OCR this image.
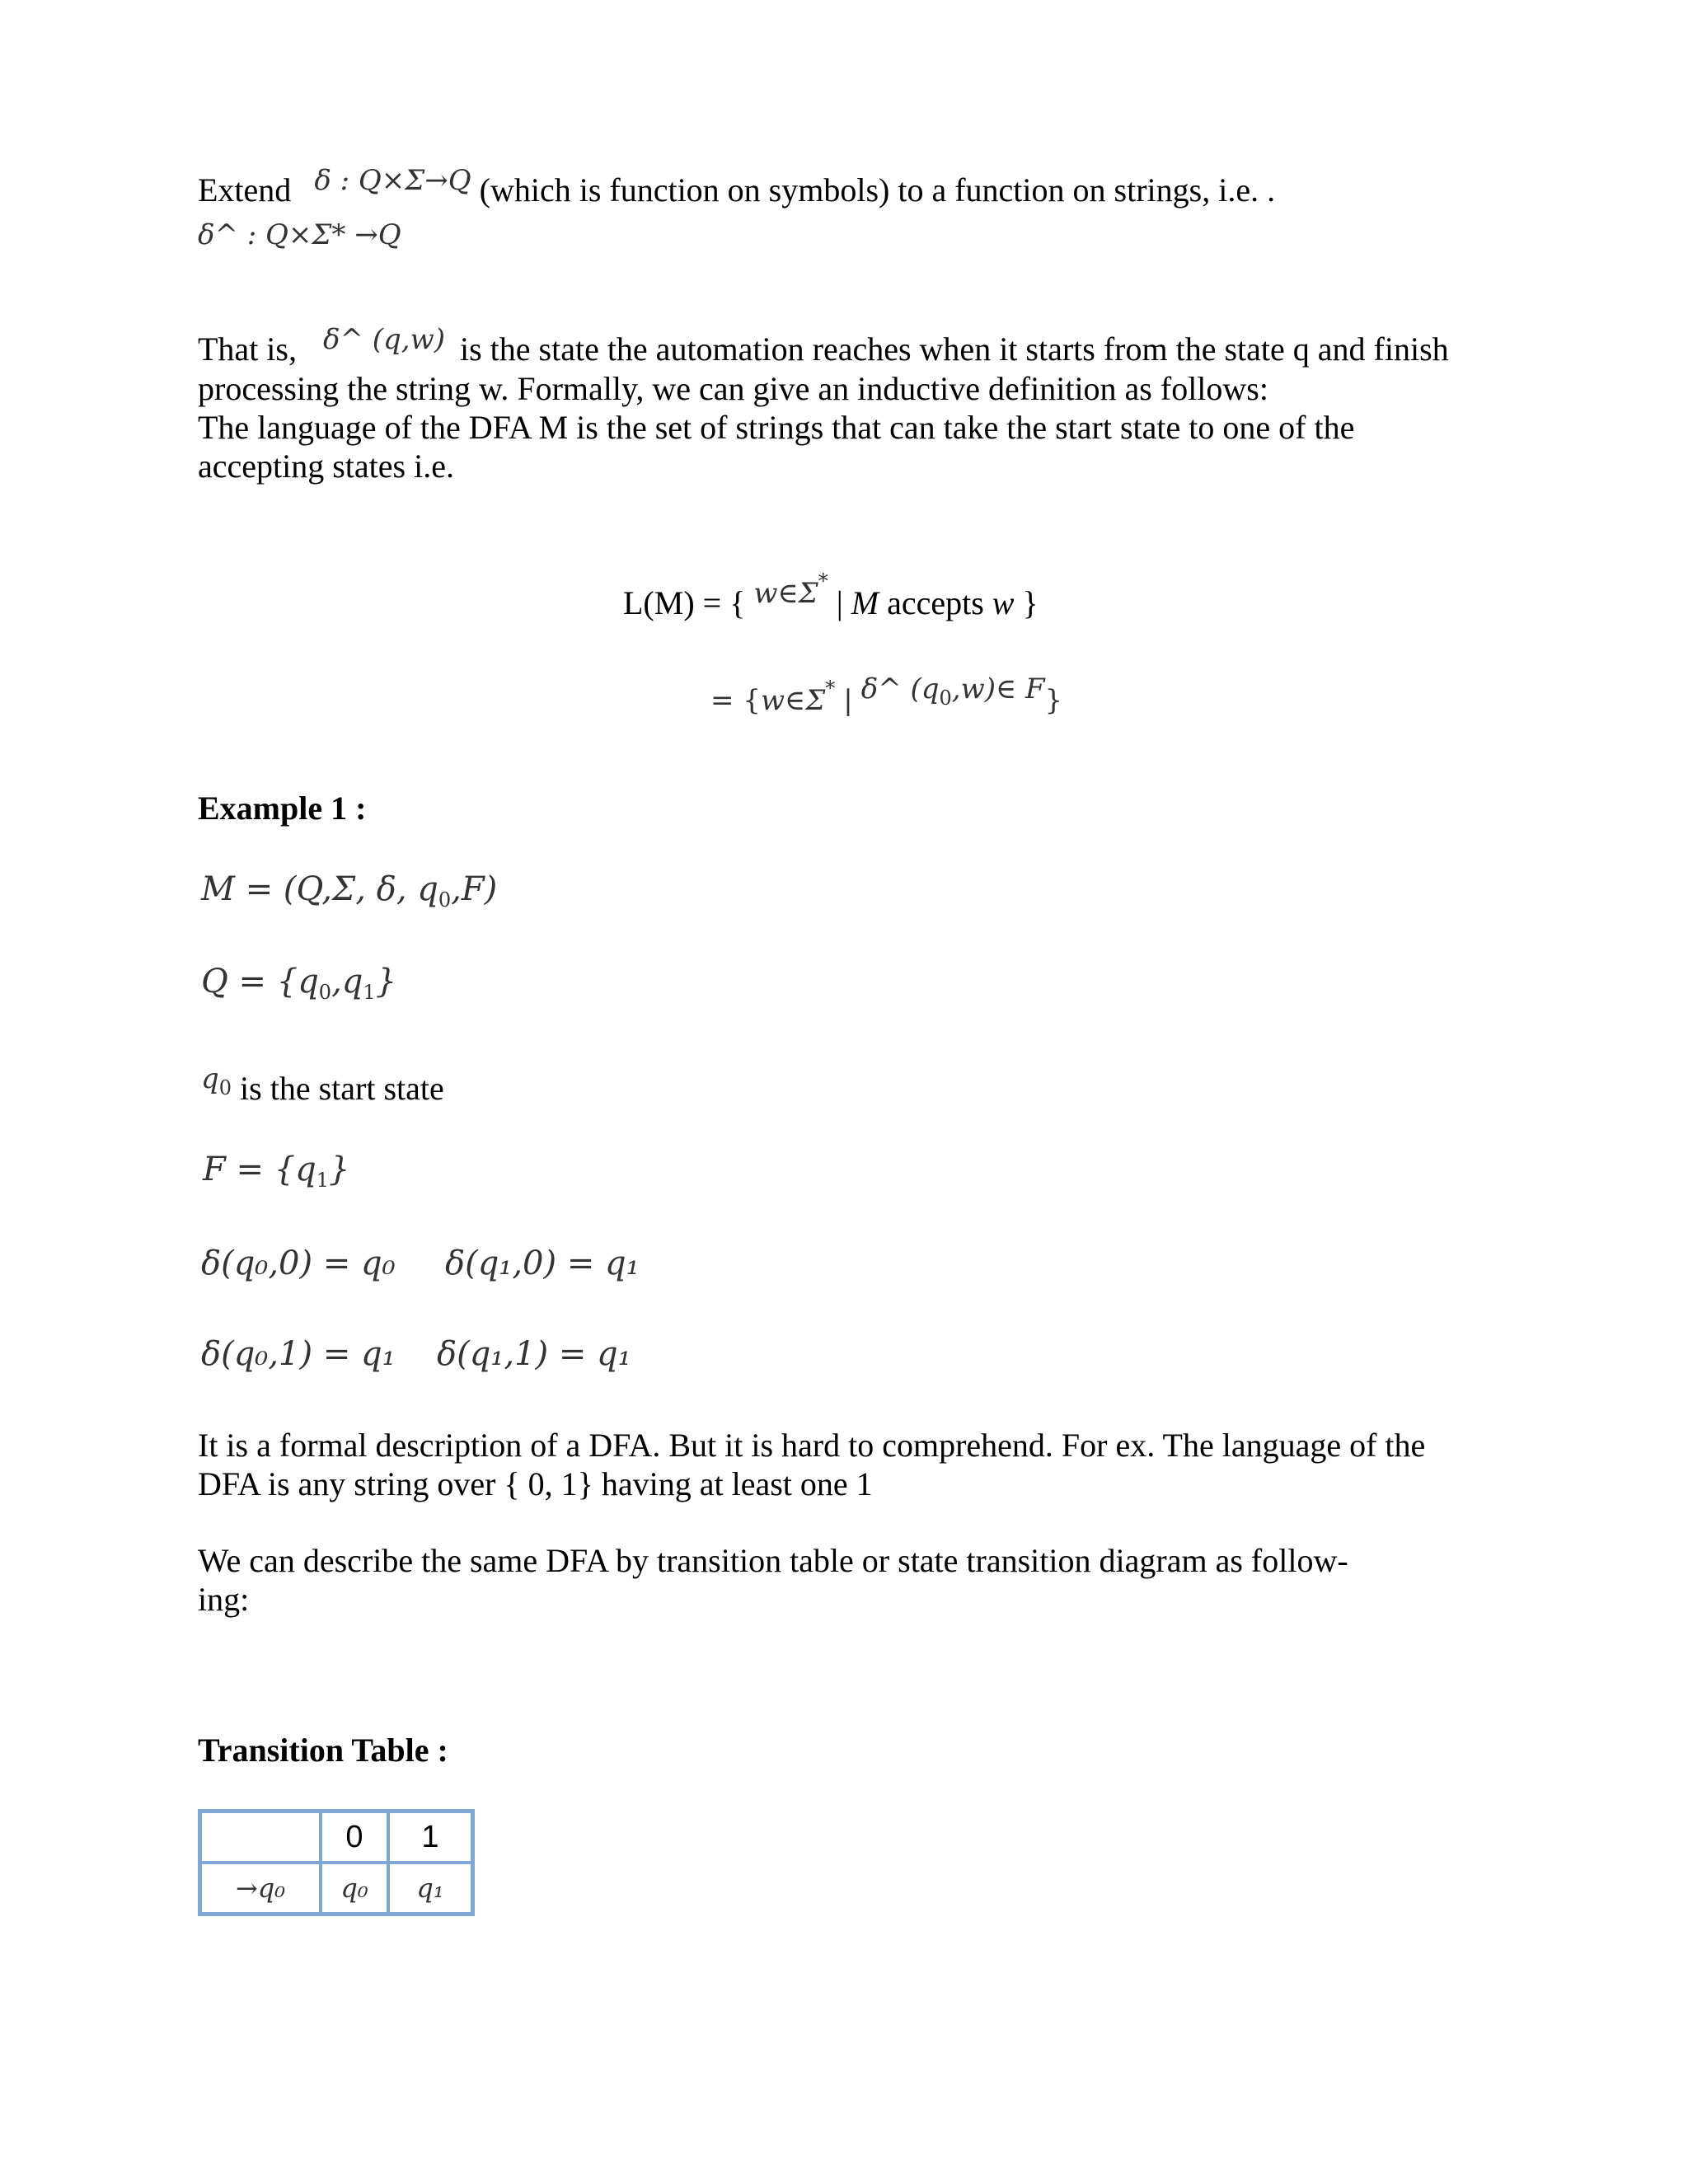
Extend $^{\delta : Q\times\Sigma\to Q}$ (which is function on symbols) to a function on strings, i.e. .
δ^ : Q×Σ* →Q
That is, $^{\delta\^{} (q,w)}$ is the state the automation reaches when it starts from the state q and finish
processing the string w. Formally, we can give an inductive definition as follows:
The language of the DFA M is the set of strings that can take the start state to one of the
accepting states i.e.
L(M) = { $^{w\in\Sigma^*}$ | M accepts w }
= {w∈Σ* | $^{\delta\^{} (q_0,w)\in F}$}
Example 1 :
M = (Q,Σ, δ, $q_0,F$)
$Q = \{q_0,q_1\}$
$^{q_0}$ is the start state
$F = \{q_1\}$
δ(q₀,0) = q₀ δ(q₁,0) = q₁
δ(q₀,1) = q₁ δ(q₁,1) = q₁
It is a formal description of a DFA. But it is hard to comprehend. For ex. The language of the
DFA is any string over { 0, 1} having at least one 1
We can describe the same DFA by transition table or state transition diagram as follow-
ing:
Transition Table :
	0	1
→q₀	q₀	q₁
